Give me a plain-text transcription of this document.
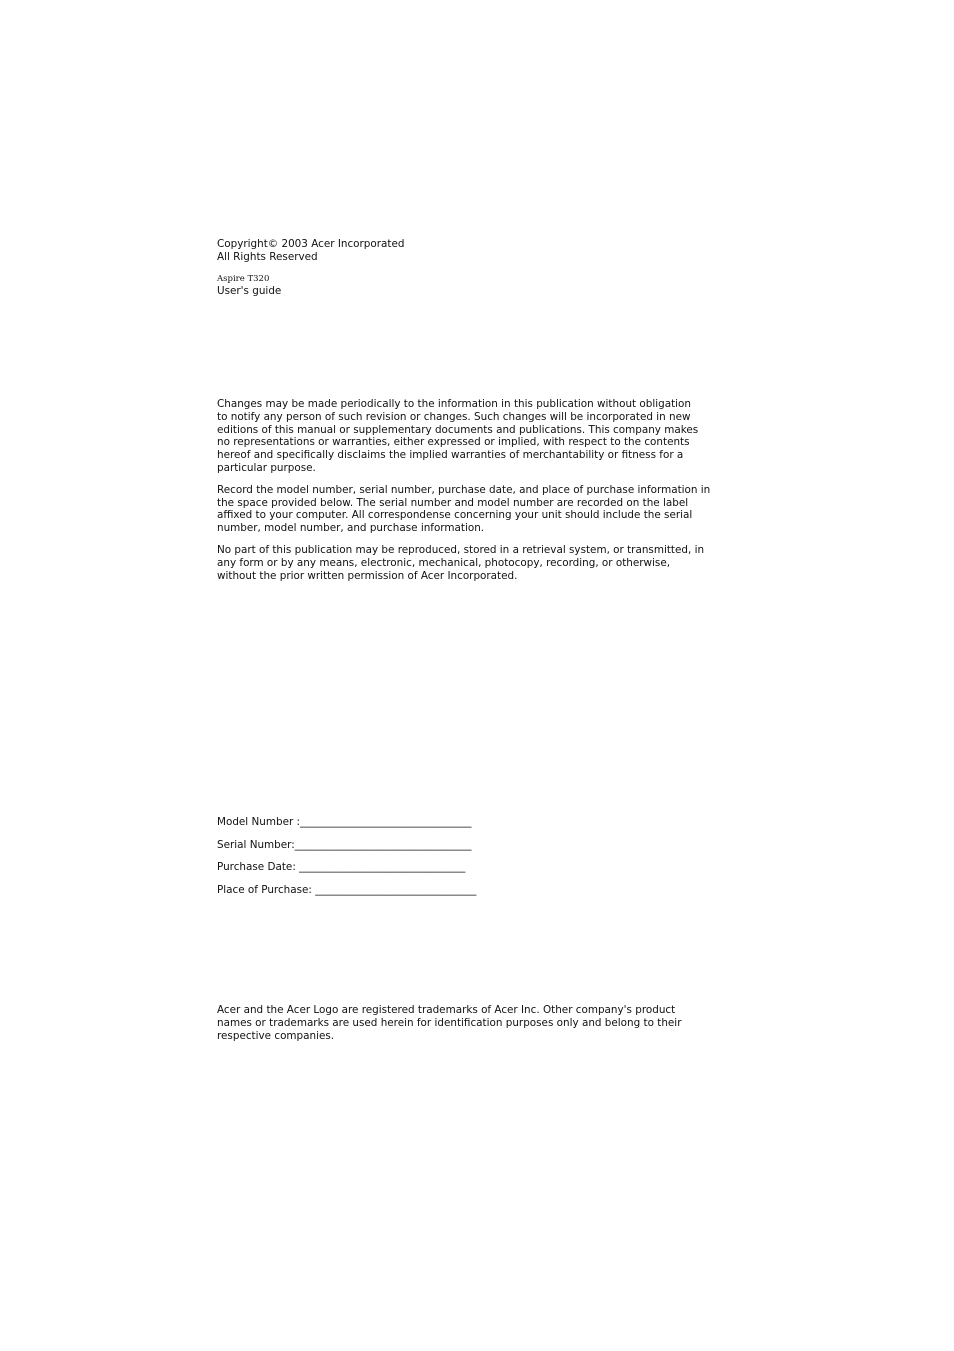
Copyright© 2003 Acer Incorporated
All Rights Reserved
Aspire T320
User's guide
Changes may be made periodically to the information in this publication without obligation
to notify any person of such revision or changes. Such changes will be incorporated in new
editions of this manual or supplementary documents and publications. This company makes
no representations or warranties, either expressed or implied, with respect to the contents
hereof and specifically disclaims the implied warranties of merchantability or fitness for a
particular purpose.
Record the model number, serial number, purchase date, and place of purchase information in
the space provided below. The serial number and model number are recorded on the label
affixed to your computer. All correspondense concerning your unit should include the serial
number, model number, and purchase information.
No part of this publication may be reproduced, stored in a retrieval system, or transmitted, in
any form or by any means, electronic, mechanical, photocopy, recording, or otherwise,
without the prior written permission of Acer Incorporated.
Model Number :_________________________________
Serial Number:__________________________________
Purchase Date: ________________________________
Place of Purchase: _______________________________
Acer and the Acer Logo are registered trademarks of Acer Inc. Other company's product
names or trademarks are used herein for identification purposes only and belong to their
respective companies.
